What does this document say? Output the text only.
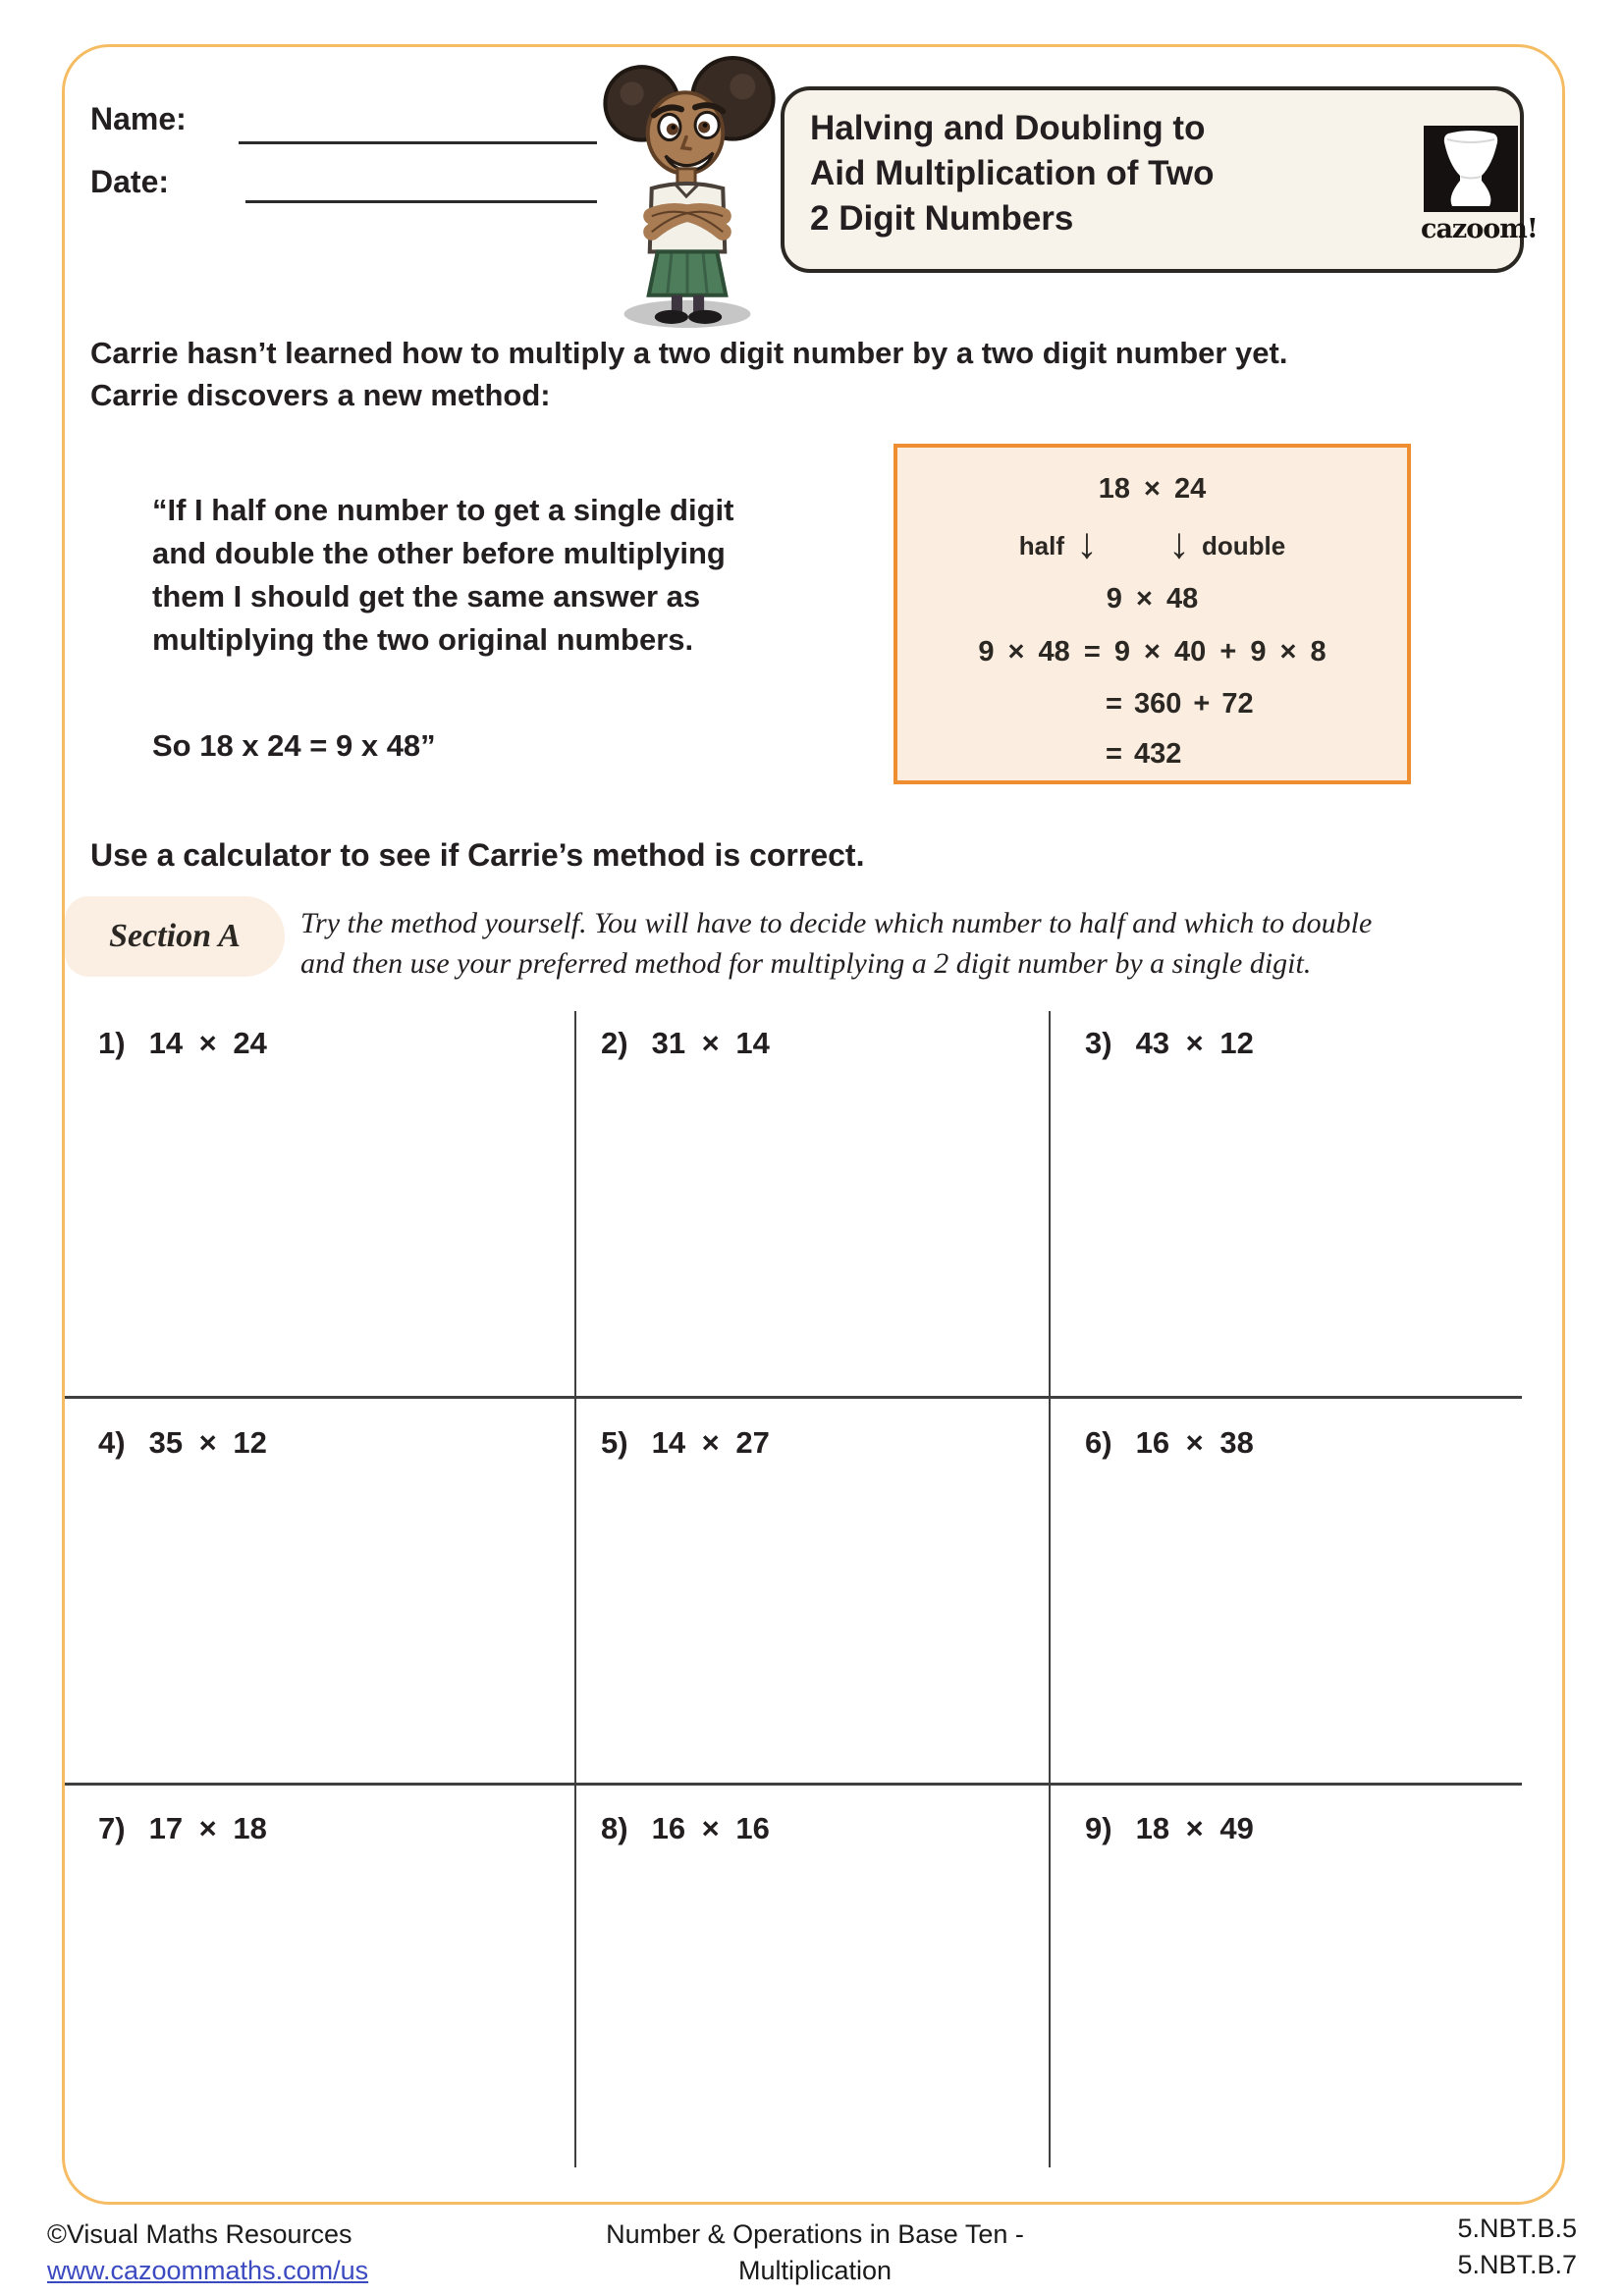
Name:
Date:
Halving and Doubling to
Aid Multiplication of Two
2 Digit Numbers	cazoom!
Carrie hasn’t learned how to multiply a two digit number by a two digit number yet.
Carrie discovers a new method:
“If I half one number to get a single digit and double the other before multiplying them I should get the same answer as multiplying the two original numbers.
So 18 x 24 = 9 x 48”
18 × 24
half ↓ ↓ double
9 × 48
9 × 48 = 9 × 40 + 9 × 8
= 360 + 72
= 432
Use a calculator to see if Carrie’s method is correct.
Section A Try the method yourself. You will have to decide which number to half and which to double
and then use your preferred method for multiplying a 2 digit number by a single digit.
1) 14 × 24	2) 31 × 14	3) 43 × 12
4) 35 × 12	5) 14 × 27	6) 16 × 38
7) 17 × 18	8) 16 × 16	9) 18 × 49
©Visual Maths Resources
www.cazoommaths.com/us
Number & Operations in Base Ten -
Multiplication
5.NBT.B.5
5.NBT.B.7
